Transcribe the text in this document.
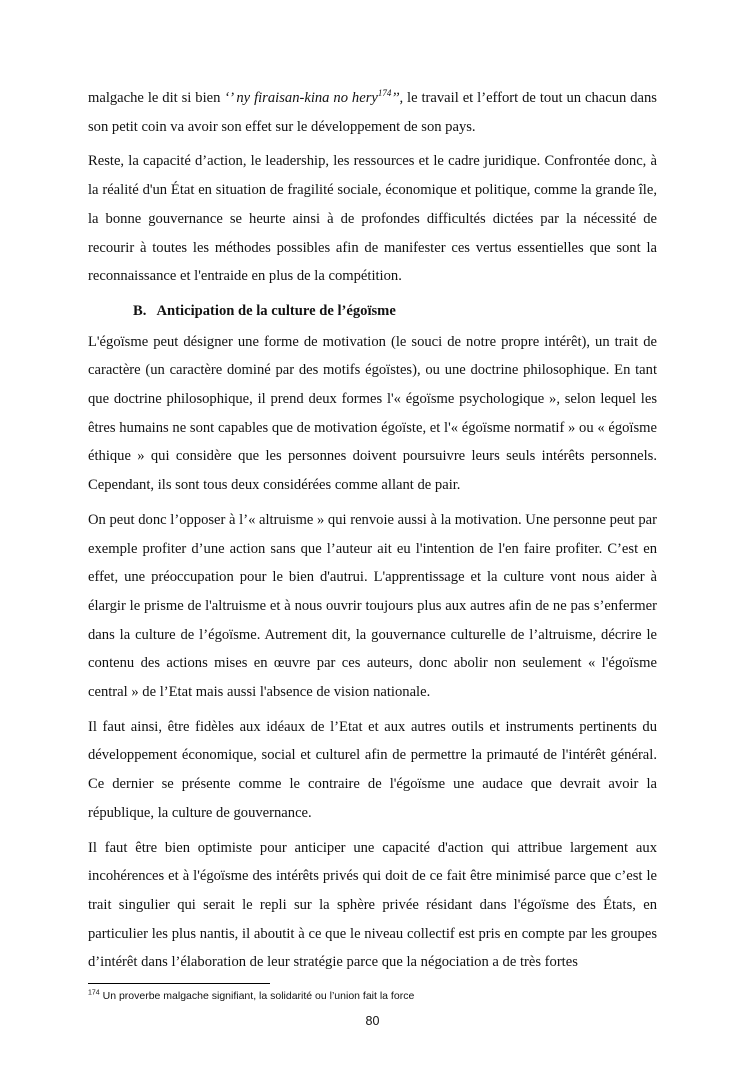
malgache le dit si bien ‘’ ny firaisan-kina no hery$^{174}$’’, le travail et l’effort de tout un chacun dans son petit coin va avoir son effet sur le développement de son pays.

Reste, la capacité d’action, le leadership, les ressources et le cadre juridique. Confrontée donc, à la réalité d'un État en situation de fragilité sociale, économique et politique, comme la grande île, la bonne gouvernance se heurte ainsi à de profondes difficultés dictées par la nécessité de recourir à toutes les méthodes possibles afin de manifester ces vertus essentielles que sont la reconnaissance et l'entraide en plus de la compétition.

B.   Anticipation de la culture de l’égoïsme

L'égoïsme peut désigner une forme de motivation (le souci de notre propre intérêt), un trait de caractère (un caractère dominé par des motifs égoïstes), ou une doctrine philosophique. En tant que doctrine philosophique, il prend deux formes l'« égoïsme psychologique », selon lequel les êtres humains ne sont capables que de motivation égoïste, et l'« égoïsme normatif » ou « égoïsme éthique » qui considère que les personnes doivent poursuivre leurs seuls intérêts personnels. Cependant, ils sont tous deux considérées comme allant de pair.

On peut donc l’opposer à l’« altruisme » qui renvoie aussi à la motivation. Une personne peut par exemple profiter d’une action sans que l’auteur ait eu l'intention de l'en faire profiter. C’est en effet, une préoccupation pour le bien d'autrui. L'apprentissage et la culture vont nous aider à élargir le prisme de l'altruisme et à nous ouvrir toujours plus aux autres afin de ne pas s’enfermer dans la culture de l’égoïsme. Autrement dit, la gouvernance culturelle de l’altruisme, décrire le contenu des actions mises en œuvre par ces auteurs, donc abolir non seulement « l'égoïsme central » de l’Etat mais aussi l'absence de vision nationale.

Il faut ainsi, être fidèles aux idéaux de l’Etat et aux autres outils et instruments pertinents du développement économique, social et culturel afin de permettre la primauté de l'intérêt général. Ce dernier se présente comme le contraire de l'égoïsme une audace que devrait avoir la république, la culture de gouvernance.

Il faut être bien optimiste pour anticiper une capacité d'action qui attribue largement aux incohérences et à l'égoïsme des intérêts privés qui doit de ce fait être minimisé parce que c’est le trait singulier qui serait le repli sur la sphère privée résidant dans l'égoïsme des États, en particulier les plus nantis, il aboutit à ce que le niveau collectif est pris en compte par les groupes d’intérêt dans l’élaboration de leur stratégie parce que la négociation a de très fortes

$^{174}$ Un proverbe malgache signifiant, la solidarité ou l’union fait la force
80
